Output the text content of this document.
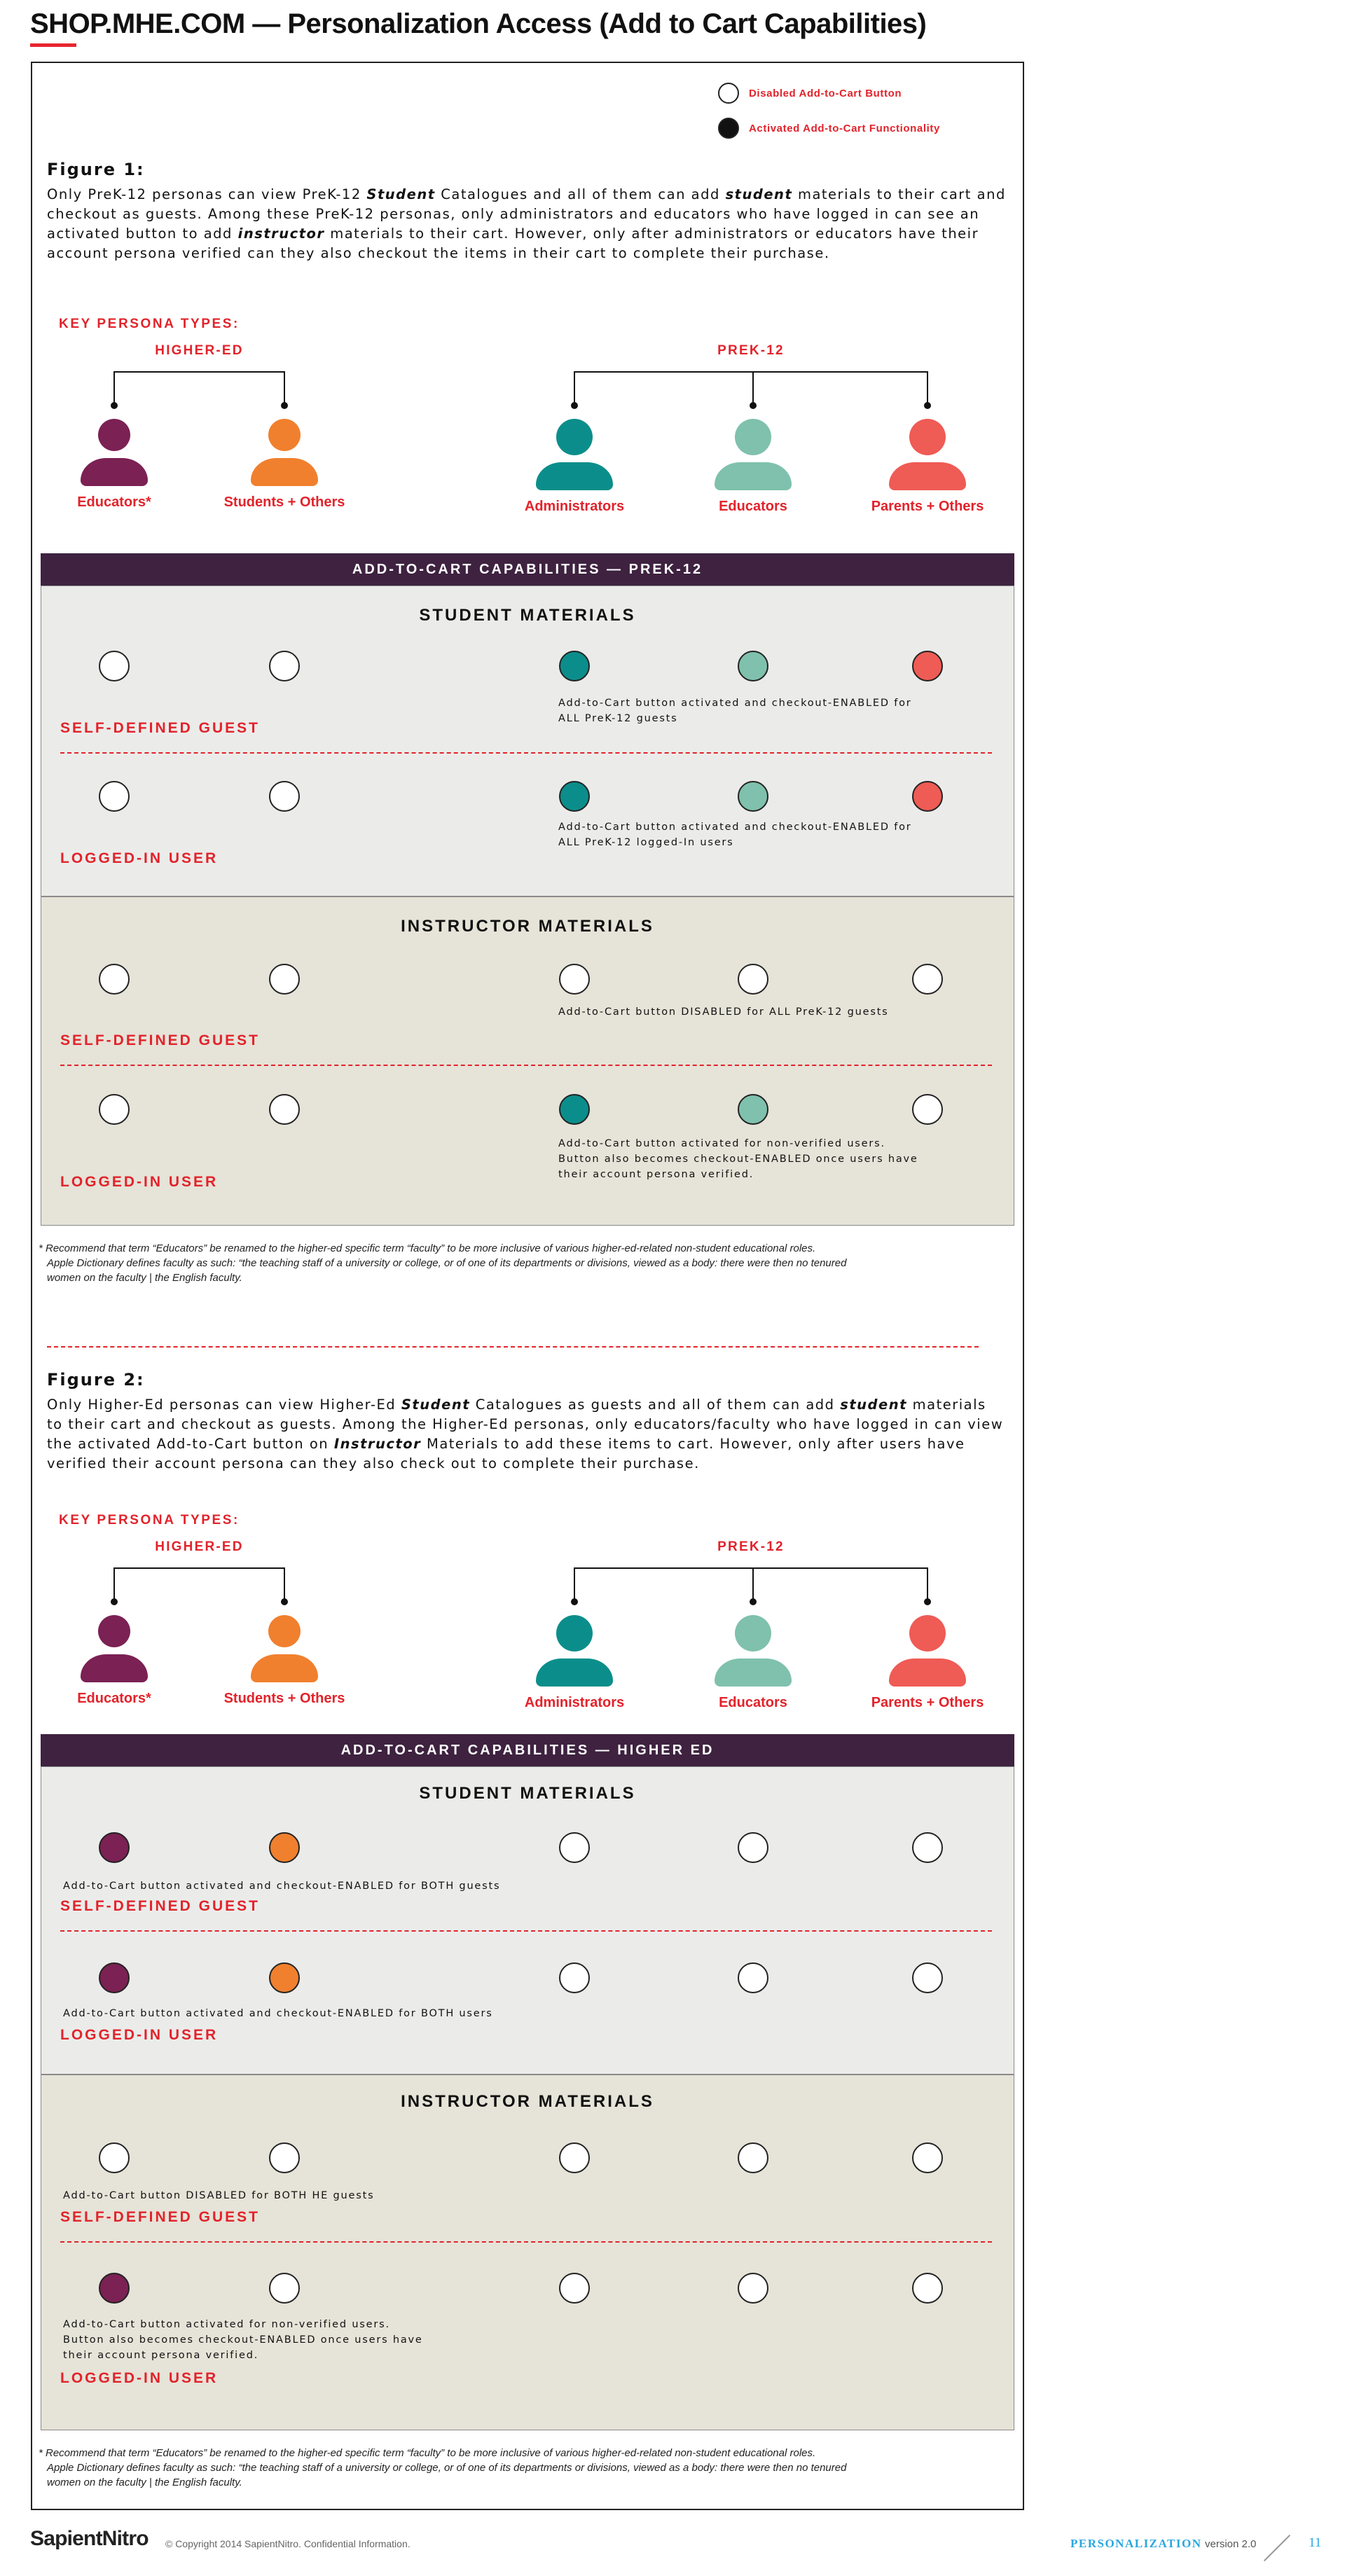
SHOP.MHE.COM — Personalization Access (Add to Cart Capabilities)
Disabled Add-to-Cart Button
Activated Add-to-Cart Functionality
Figure 1:
Only PreK-12 personas can view PreK-12 Student Catalogues and all of them can add student materials to their cart and checkout as guests. Among these PreK-12 personas, only administrators and educators who have logged in can see an activated button to add instructor materials to their cart. However, only after administrators or educators have their account persona verified can they also checkout the items in their cart to complete their purchase.
KEY PERSONA TYPES:
ADD-TO-CART CAPABILITIES — PREK-12
STUDENT MATERIALS
INSTRUCTOR MATERIALS
SELF-DEFINED GUEST
LOGGED-IN USER
SELF-DEFINED GUEST
LOGGED-IN USER
* Recommend that term “Educators” be renamed to the higher-ed specific term “faculty” to be more inclusive of various higher-ed-related non-student educational roles.
Apple Dictionary defines faculty as such: “the teaching staff of a university or college, or of one of its departments or divisions, viewed as a body: there were then no tenured
women on the faculty | the English faculty.
Figure 2:
Only Higher-Ed personas can view Higher-Ed Student Catalogues as guests and all of them can add student materials to their cart and checkout as guests. Among the Higher-Ed personas, only educators/faculty who have logged in can view the activated Add-to-Cart button on Instructor Materials to add these items to cart. However, only after users have verified their account persona can they also check out to complete their purchase.
KEY PERSONA TYPES:
ADD-TO-CART CAPABILITIES — HIGHER ED
STUDENT MATERIALS
INSTRUCTOR MATERIALS
SELF-DEFINED GUEST
LOGGED-IN USER
SELF-DEFINED GUEST
LOGGED-IN USER
* Recommend that term “Educators” be renamed to the higher-ed specific term “faculty” to be more inclusive of various higher-ed-related non-student educational roles.
Apple Dictionary defines faculty as such: “the teaching staff of a university or college, or of one of its departments or divisions, viewed as a body: there were then no tenured
women on the faculty | the English faculty.
SapientNitro © Copyright 2014 SapientNitro. Confidential Information.	PERSONALIZATION version 2.0	11
HIGHER-ED	PREK-12
Educators*	Students + Others	Administrators	Educators	Parents + Others
HIGHER-ED	PREK-12
Educators*	Students + Others	Administrators	Educators	Parents + Others
Add-to-Cart button activated and checkout-ENABLED for
ALL PreK-12 guests
Add-to-Cart button activated and checkout-ENABLED for
ALL PreK-12 logged-In users
Add-to-Cart button DISABLED for ALL PreK-12 guests
Add-to-Cart button activated for non-verified users.
Button also becomes checkout-ENABLED once users have
their account persona verified.
Add-to-Cart button activated and checkout-ENABLED for BOTH guests
Add-to-Cart button activated and checkout-ENABLED for BOTH users
Add-to-Cart button DISABLED for BOTH HE guests
Add-to-Cart button activated for non-verified users.
Button also becomes checkout-ENABLED once users have
their account persona verified.
